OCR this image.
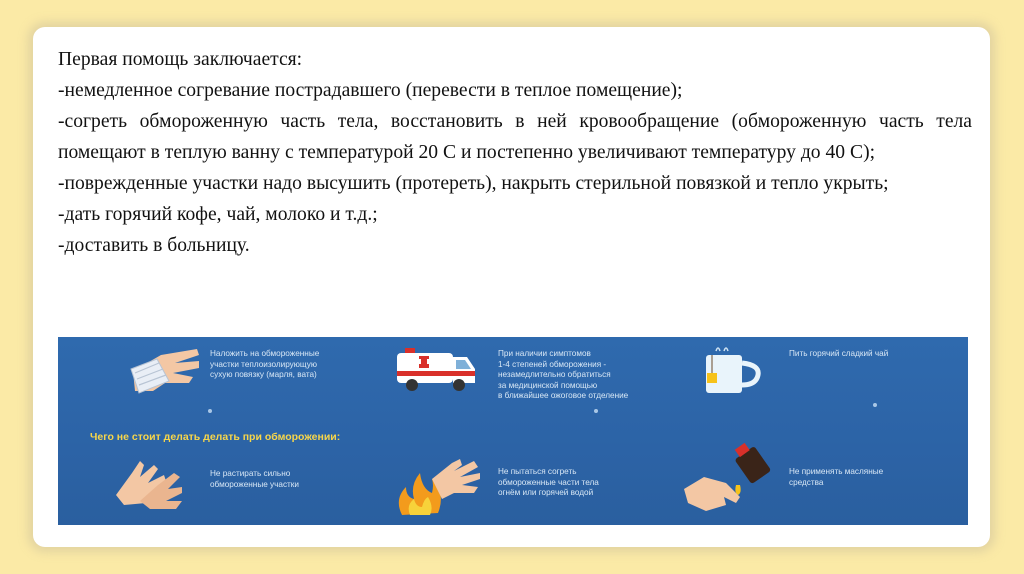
Первая помощь заключается:

-немедленное согревание пострадавшего (перевести в теплое помещение);

-согреть обмороженную часть тела, восстановить в ней кровообращение (обмороженную часть тела помещают в теплую ванну с температурой 20 С и постепенно увеличивают температуру до 40 С);

-поврежденные участки надо высушить (протереть), накрыть стерильной повязкой и тепло укрыть;

-дать горячий кофе, чай, молоко и т.д.;

-доставить в больницу.

Наложить на обмороженные
участки теплоизолирующую
сухую повязку (марля, вата)
При наличии симптомов
1-4 степеней обморожения -
незамедлительно обратиться
за медицинской помощью
в ближайшее ожоговое отделение
Пить горячий сладкий чай
Чего не стоит делать делать при обморожении:
Не растирать сильно
обмороженные участки
Не пытаться согреть
обмороженные части тела
огнём или горячей водой
Не применять масляные
средства
